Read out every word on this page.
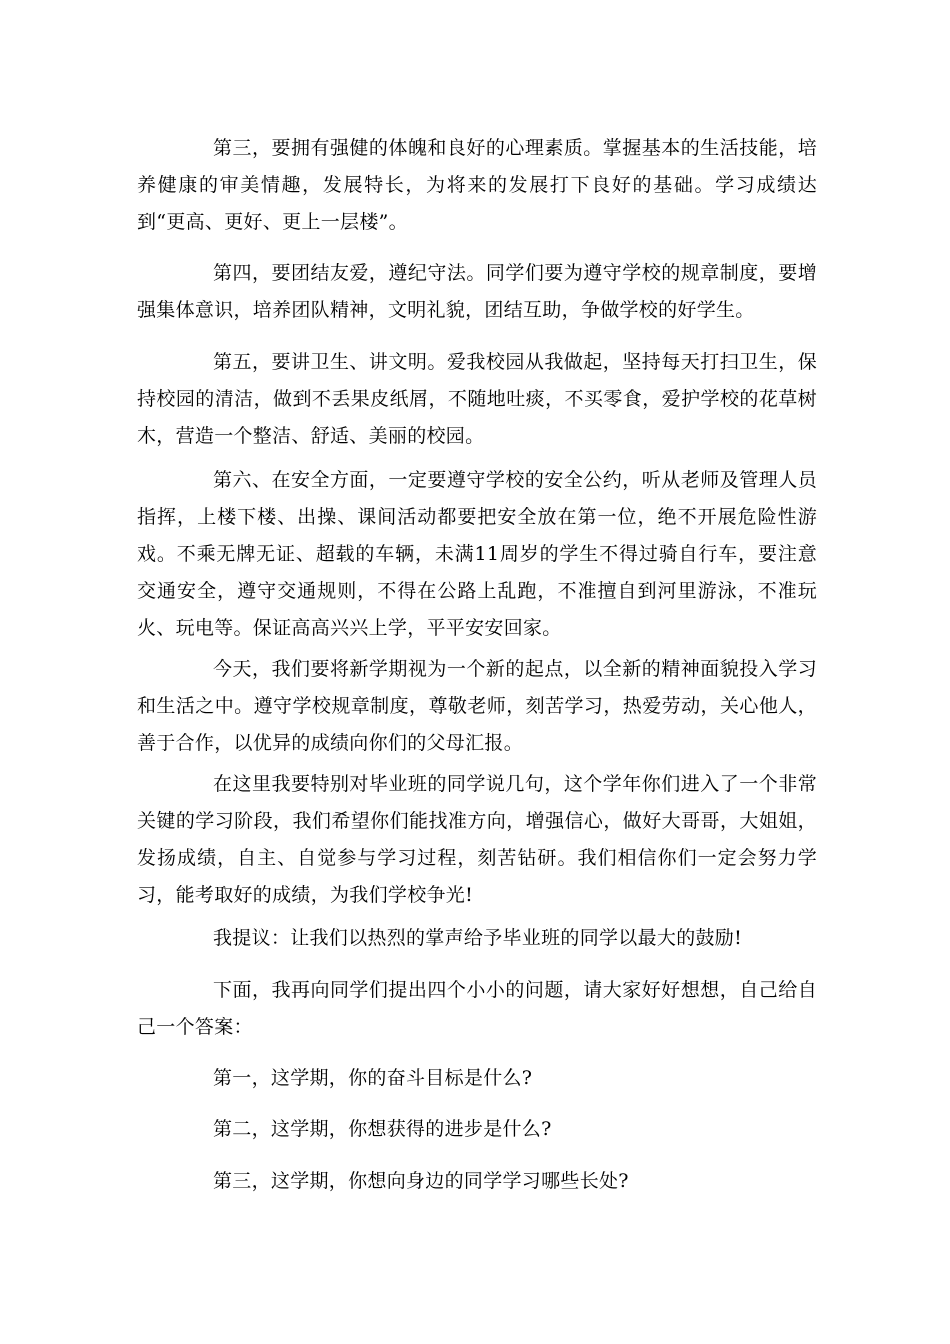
第三，要拥有强健的体魄和良好的心理素质。掌握基本的生活技能，培养健康的审美情趣，发展特长，为将来的发展打下良好的基础。学习成绩达到“更高、更好、更上一层楼”。

第四，要团结友爱，遵纪守法。同学们要为遵守学校的规章制度，要增强集体意识，培养团队精神，文明礼貌，团结互助，争做学校的好学生。

第五，要讲卫生、讲文明。爱我校园从我做起，坚持每天打扫卫生，保持校园的清洁，做到不丢果皮纸屑，不随地吐痰，不买零食，爱护学校的花草树木，营造一个整洁、舒适、美丽的校园。

第六、在安全方面，一定要遵守学校的安全公约，听从老师及管理人员指挥，上楼下楼、出操、课间活动都要把安全放在第一位，绝不开展危险性游戏。不乘无牌无证、超载的车辆，未满11周岁的学生不得过骑自行车，要注意交通安全，遵守交通规则，不得在公路上乱跑，不准擅自到河里游泳，不准玩火、玩电等。保证高高兴兴上学，平平安安回家。

今天，我们要将新学期视为一个新的起点，以全新的精神面貌投入学习和生活之中。遵守学校规章制度，尊敬老师，刻苦学习，热爱劳动，关心他人，善于合作，以优异的成绩向你们的父母汇报。

在这里我要特别对毕业班的同学说几句，这个学年你们进入了一个非常关键的学习阶段，我们希望你们能找准方向，增强信心，做好大哥哥，大姐姐，发扬成绩，自主、自觉参与学习过程，刻苦钻研。我们相信你们一定会努力学习，能考取好的成绩，为我们学校争光!

我提议：让我们以热烈的掌声给予毕业班的同学以最大的鼓励!

下面，我再向同学们提出四个小小的问题，请大家好好想想，自己给自己一个答案：

第一，这学期，你的奋斗目标是什么?

第二，这学期，你想获得的进步是什么?

第三，这学期，你想向身边的同学学习哪些长处?
